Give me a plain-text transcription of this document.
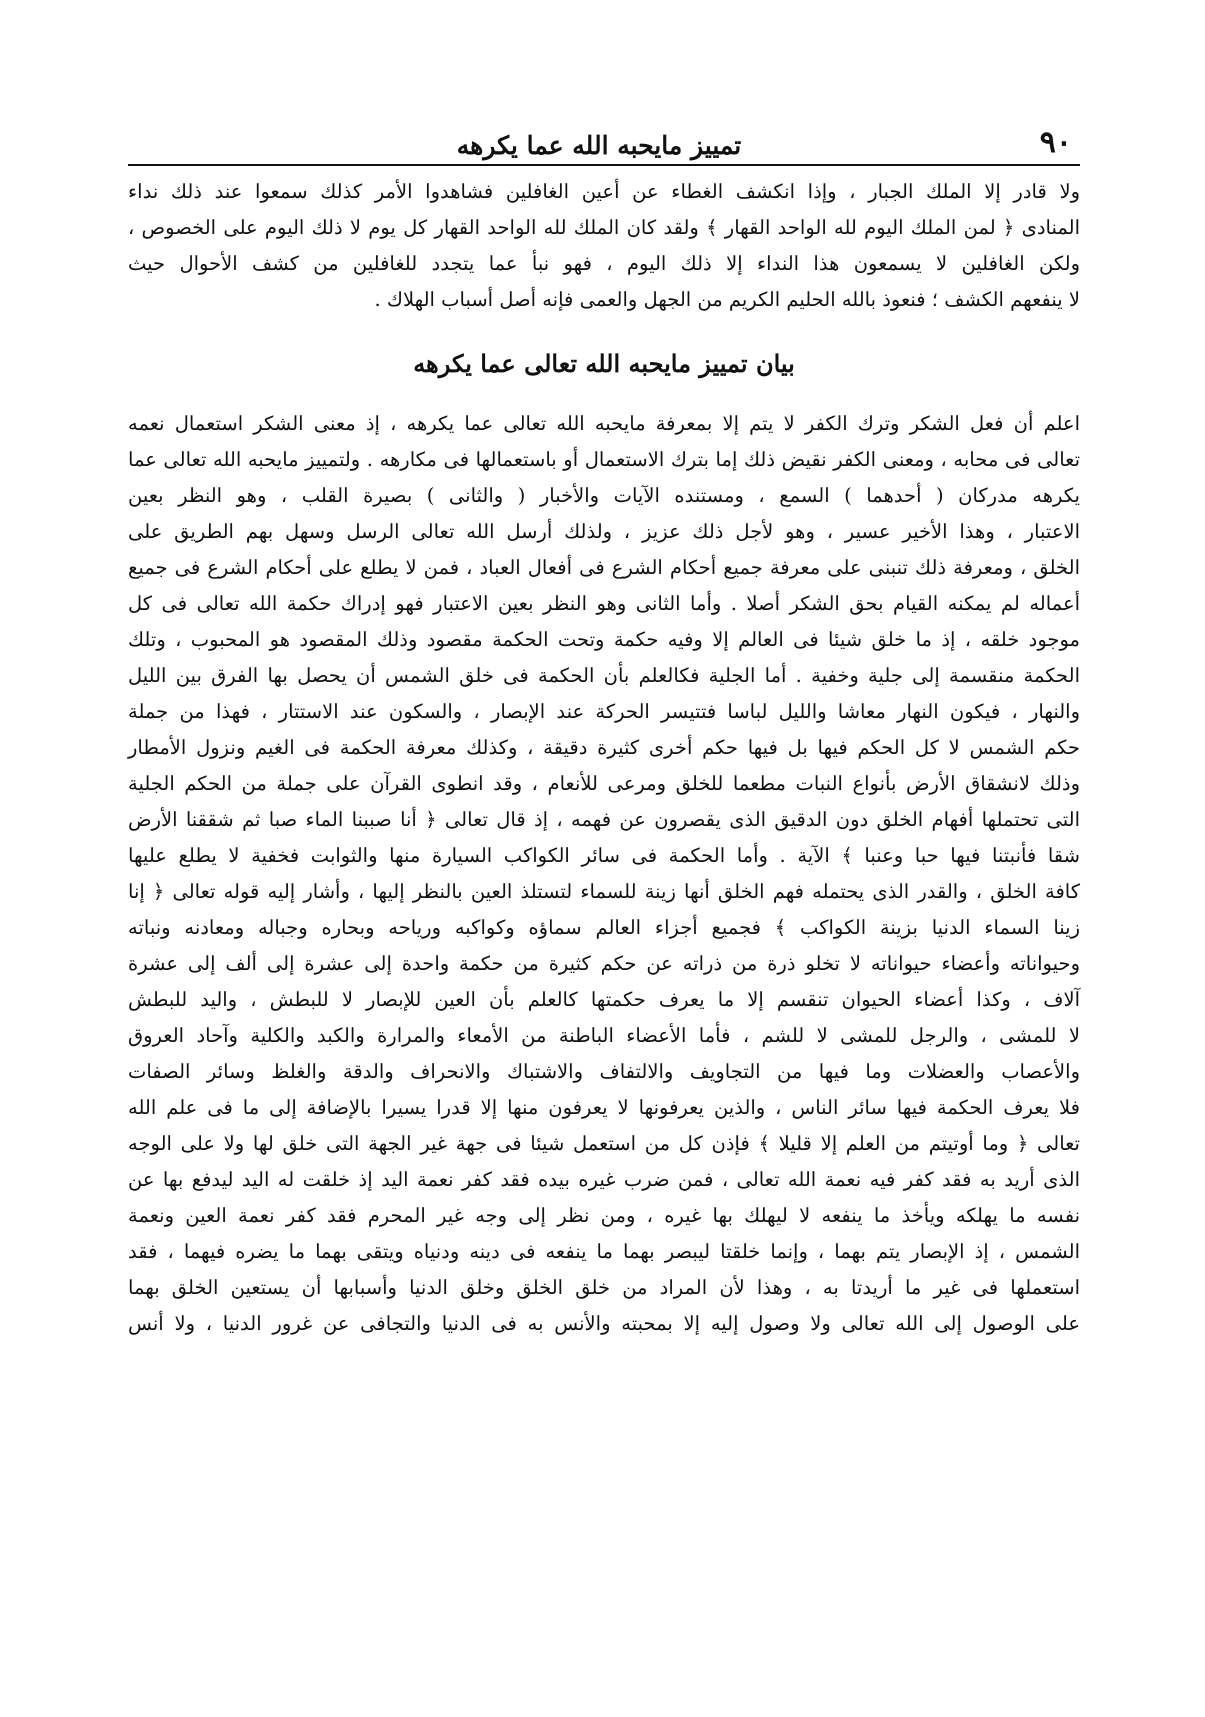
٩٠
تمييز مايحبه الله عما يكرهه
ولا قادر إلا الملك الجبار ، وإذا انكشف الغطاء عن أعين الغافلين فشاهدوا الأمر كذلك سمعوا عند ذلك نداء
المنادى ﴿ لمن الملك اليوم لله الواحد القهار ﴾ ولقد كان الملك لله الواحد القهار كل يوم لا ذلك اليوم على الخصوص ،
ولكن الغافلين لا يسمعون هذا النداء إلا ذلك اليوم ، فهو نبأ عما يتجدد للغافلين من كشف الأحوال حيث
لا ينفعهم الكشف ؛ فنعوذ بالله الحليم الكريم من الجهل والعمى فإنه أصل أسباب الهلاك .
بيان تمييز مايحبه الله تعالى عما يكرهه
اعلم أن فعل الشكر وترك الكفر لا يتم إلا بمعرفة مايحبه الله تعالى عما يكرهه ، إذ معنى الشكر استعمال نعمه
تعالى فى محابه ، ومعنى الكفر نقيض ذلك إما بترك الاستعمال أو باستعمالها فى مكارهه . ولتمييز مايحبه الله تعالى عما
يكرهه مدركان ( أحدهما ) السمع ، ومستنده الآيات والأخبار ( والثانى ) بصيرة القلب ، وهو النظر بعين
الاعتبار ، وهذا الأخير عسير ، وهو لأجل ذلك عزيز ، ولذلك أرسل الله تعالى الرسل وسهل بهم الطريق على
الخلق ، ومعرفة ذلك تنبنى على معرفة جميع أحكام الشرع فى أفعال العباد ، فمن لا يطلع على أحكام الشرع فى جميع
أعماله لم يمكنه القيام بحق الشكر أصلا . وأما الثانى وهو النظر بعين الاعتبار فهو إدراك حكمة الله تعالى فى كل
موجود خلقه ، إذ ما خلق شيئا فى العالم إلا وفيه حكمة وتحت الحكمة مقصود وذلك المقصود هو المحبوب ، وتلك
الحكمة منقسمة إلى جلية وخفية . أما الجلية فكالعلم بأن الحكمة فى خلق الشمس أن يحصل بها الفرق بين الليل
والنهار ، فيكون النهار معاشا والليل لباسا فتتيسر الحركة عند الإبصار ، والسكون عند الاستتار ، فهذا من جملة
حكم الشمس لا كل الحكم فيها بل فيها حكم أخرى كثيرة دقيقة ، وكذلك معرفة الحكمة فى الغيم ونزول الأمطار
وذلك لانشقاق الأرض بأنواع النبات مطعما للخلق ومرعى للأنعام ، وقد انطوى القرآن على جملة من الحكم الجلية
التى تحتملها أفهام الخلق دون الدقيق الذى يقصرون عن فهمه ، إذ قال تعالى ﴿ أنا صببنا الماء صبا ثم شققنا الأرض
شقا فأنبتنا فيها حبا وعنبا ﴾ الآية . وأما الحكمة فى سائر الكواكب السيارة منها والثوابت فخفية لا يطلع عليها
كافة الخلق ، والقدر الذى يحتمله فهم الخلق أنها زينة للسماء لتستلذ العين بالنظر إليها ، وأشار إليه قوله تعالى ﴿ إنا
زينا السماء الدنيا بزينة الكواكب ﴾ فجميع أجزاء العالم سماؤه وكواكبه ورياحه وبحاره وجباله ومعادنه ونباته
وحيواناته وأعضاء حيواناته لا تخلو ذرة من ذراته عن حكم كثيرة من حكمة واحدة إلى عشرة إلى ألف إلى عشرة
آلاف ، وكذا أعضاء الحيوان تنقسم إلا ما يعرف حكمتها كالعلم بأن العين للإبصار لا للبطش ، واليد للبطش
لا للمشى ، والرجل للمشى لا للشم ، فأما الأعضاء الباطنة من الأمعاء والمرارة والكبد والكلية وآحاد العروق
والأعصاب والعضلات وما فيها من التجاويف والالتفاف والاشتباك والانحراف والدقة والغلظ وسائر الصفات
فلا يعرف الحكمة فيها سائر الناس ، والذين يعرفونها لا يعرفون منها إلا قدرا يسيرا بالإضافة إلى ما فى علم الله
تعالى ﴿ وما أوتيتم من العلم إلا قليلا ﴾ فإذن كل من استعمل شيئا فى جهة غير الجهة التى خلق لها ولا على الوجه
الذى أريد به فقد كفر فيه نعمة الله تعالى ، فمن ضرب غيره بيده فقد كفر نعمة اليد إذ خلقت له اليد ليدفع بها عن
نفسه ما يهلكه ويأخذ ما ينفعه لا ليهلك بها غيره ، ومن نظر إلى وجه غير المحرم فقد كفر نعمة العين ونعمة
الشمس ، إذ الإبصار يتم بهما ، وإنما خلقتا ليبصر بهما ما ينفعه فى دينه ودنياه ويتقى بهما ما يضره فيهما ، فقد
استعملها فى غير ما أريدتا به ، وهذا لأن المراد من خلق الخلق وخلق الدنيا وأسبابها أن يستعين الخلق بهما
على الوصول إلى الله تعالى ولا وصول إليه إلا بمحبته والأنس به فى الدنيا والتجافى عن غرور الدنيا ، ولا أنس
